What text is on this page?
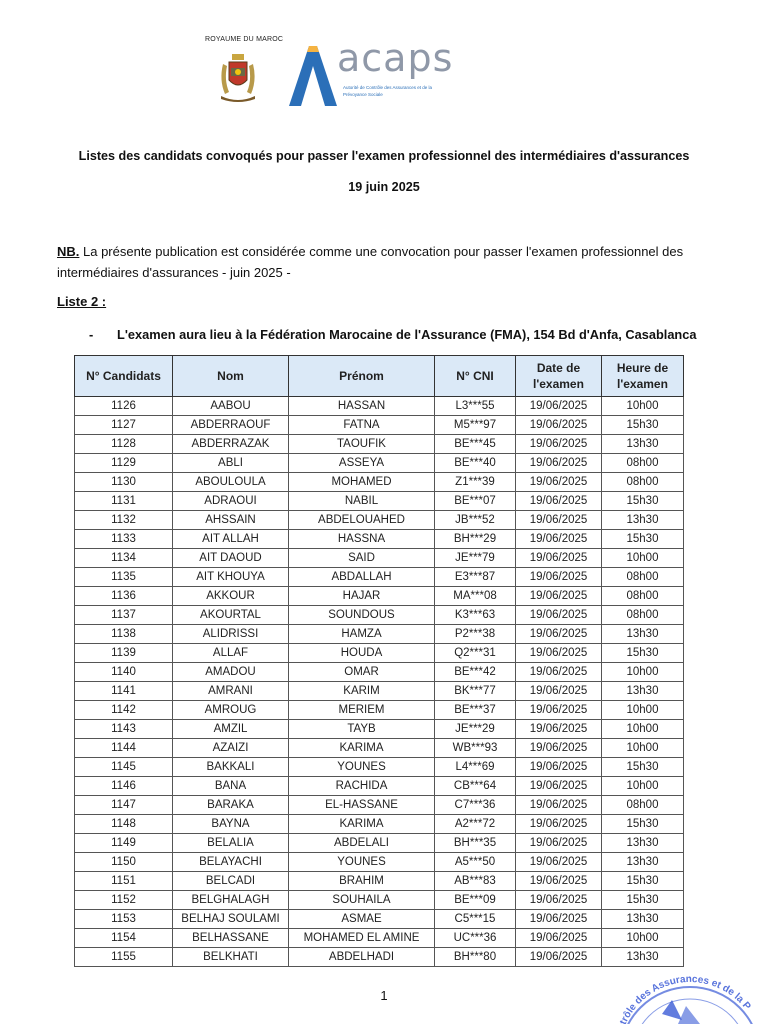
ROYAUME DU MAROC acaps
Autorité de Contrôle des Assurances et de la Prévoyance Sociale
Listes des candidats convoqués pour passer l'examen professionnel des intermédiaires d'assurances
19 juin 2025
NB. La présente publication est considérée comme une convocation pour passer l'examen professionnel des intermédiaires d'assurances - juin 2025 -
Liste 2 :
- L'examen aura lieu à la Fédération Marocaine de l'Assurance (FMA), 154 Bd d'Anfa, Casablanca
N° Candidats	Nom	Prénom	N° CNI	Date de
l'examen	Heure de
l'examen
1126	AABOU	HASSAN	L3***55	19/06/2025	10h00
1127	ABDERRAOUF	FATNA	M5***97	19/06/2025	15h30
1128	ABDERRAZAK	TAOUFIK	BE***45	19/06/2025	13h30
1129	ABLI	ASSEYA	BE***40	19/06/2025	08h00
1130	ABOULOULA	MOHAMED	Z1***39	19/06/2025	08h00
1131	ADRAOUI	NABIL	BE***07	19/06/2025	15h30
1132	AHSSAIN	ABDELOUAHED	JB***52	19/06/2025	13h30
1133	AIT ALLAH	HASSNA	BH***29	19/06/2025	15h30
1134	AIT DAOUD	SAID	JE***79	19/06/2025	10h00
1135	AIT KHOUYA	ABDALLAH	E3***87	19/06/2025	08h00
1136	AKKOUR	HAJAR	MA***08	19/06/2025	08h00
1137	AKOURTAL	SOUNDOUS	K3***63	19/06/2025	08h00
1138	ALIDRISSI	HAMZA	P2***38	19/06/2025	13h30
1139	ALLAF	HOUDA	Q2***31	19/06/2025	15h30
1140	AMADOU	OMAR	BE***42	19/06/2025	10h00
1141	AMRANI	KARIM	BK***77	19/06/2025	13h30
1142	AMROUG	MERIEM	BE***37	19/06/2025	10h00
1143	AMZIL	TAYB	JE***29	19/06/2025	10h00
1144	AZAIZI	KARIMA	WB***93	19/06/2025	10h00
1145	BAKKALI	YOUNES	L4***69	19/06/2025	15h30
1146	BANA	RACHIDA	CB***64	19/06/2025	10h00
1147	BARAKA	EL-HASSANE	C7***36	19/06/2025	08h00
1148	BAYNA	KARIMA	A2***72	19/06/2025	15h30
1149	BELALIA	ABDELALI	BH***35	19/06/2025	13h30
1150	BELAYACHI	YOUNES	A5***50	19/06/2025	13h30
1151	BELCADI	BRAHIM	AB***83	19/06/2025	15h30
1152	BELGHALAGH	SOUHAILA	BE***09	19/06/2025	15h30
1153	BELHAJ SOULAMI	ASMAE	C5***15	19/06/2025	13h30
1154	BELHASSANE	MOHAMED EL AMINE	UC***36	19/06/2025	10h00
1155	BELKHATI	ABDELHADI	BH***80	19/06/2025	13h30
1
trôle des Assurances et de la P
